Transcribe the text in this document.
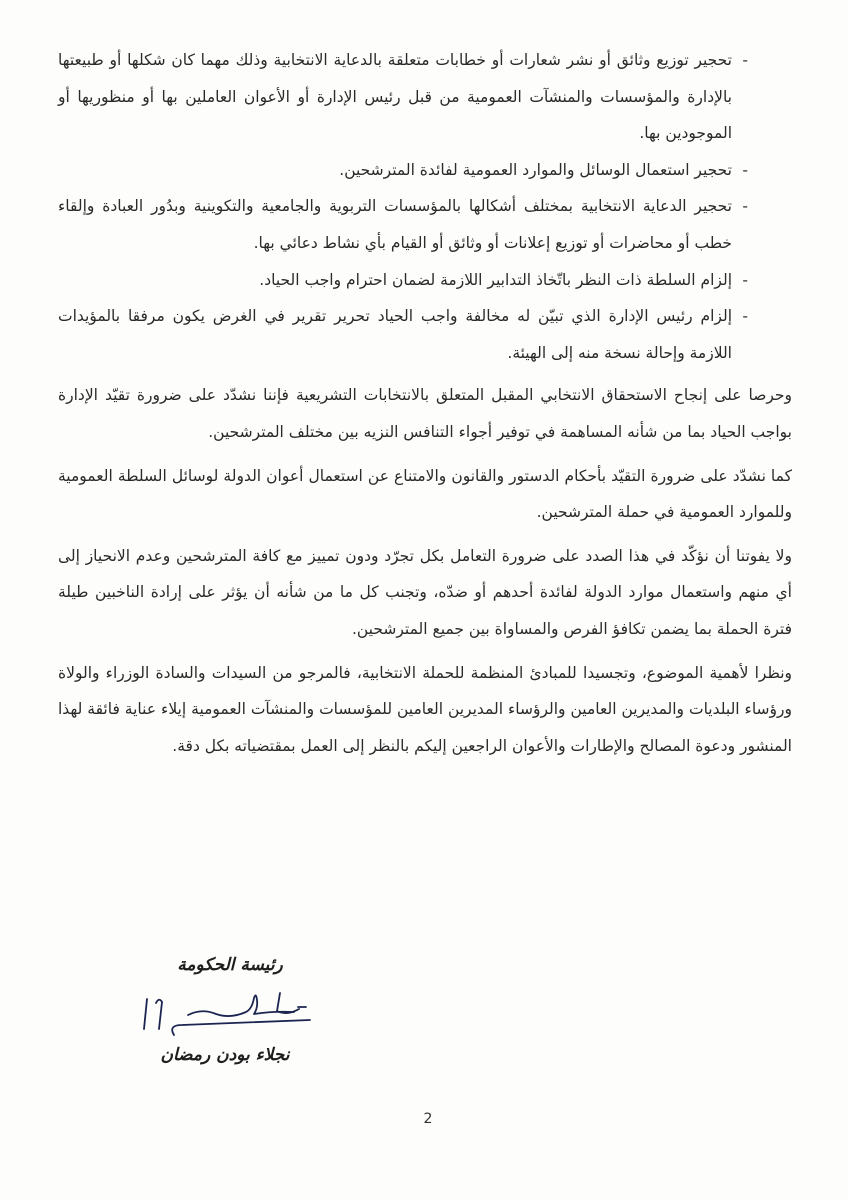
-
تحجير توزيع وثائق أو نشر شعارات أو خطابات متعلقة بالدعاية الانتخابية وذلك مهما كان شكلها أو طبيعتها بالإدارة والمؤسسات والمنشآت العمومية من قبل رئيس الإدارة أو الأعوان العاملين بها أو منظوريها أو الموجودين بها.
-
تحجير استعمال الوسائل والموارد العمومية لفائدة المترشحين.
-
تحجير الدعاية الانتخابية بمختلف أشكالها بالمؤسسات التربوية والجامعية والتكوينية وبدُور العبادة وإلقاء خطب أو محاضرات أو توزيع إعلانات أو وثائق أو القيام بأي نشاط دعائي بها.
-
إلزام السلطة ذات النظر باتّخاذ التدابير اللازمة لضمان احترام واجب الحياد.
-
إلزام رئيس الإدارة الذي تبيّن له مخالفة واجب الحياد تحرير تقرير في الغرض يكون مرفقا بالمؤيدات اللازمة وإحالة نسخة منه إلى الهيئة.

وحرصا على إنجاح الاستحقاق الانتخابي المقبل المتعلق بالانتخابات التشريعية فإننا نشدّد على ضرورة تقيّد الإدارة بواجب الحياد بما من شأنه المساهمة في توفير أجواء التنافس النزيه بين مختلف المترشحين.

كما نشدّد على ضرورة التقيّد بأحكام الدستور والقانون والامتناع عن استعمال أعوان الدولة لوسائل السلطة العمومية وللموارد العمومية في حملة المترشحين.

ولا يفوتنا أن نؤكّد في هذا الصدد على ضرورة التعامل بكل تجرّد ودون تمييز مع كافة المترشحين وعدم الانحياز إلى أي منهم واستعمال موارد الدولة لفائدة أحدهم أو ضدّه، وتجنب كل ما من شأنه أن يؤثر على إرادة الناخبين طيلة فترة الحملة بما يضمن تكافؤ الفرص والمساواة بين جميع المترشحين.

ونظرا لأهمية الموضوع، وتجسيدا للمبادئ المنظمة للحملة الانتخابية، فالمرجو من السيدات والسادة الوزراء والولاة ورؤساء البلديات والمديرين العامين والرؤساء المديرين العامين للمؤسسات والمنشآت العمومية إيلاء عناية فائقة لهذا المنشور ودعوة المصالح والإطارات والأعوان الراجعين إليكم بالنظر إلى العمل بمقتضياته بكل دقة.

رئيسة الحكومة
نجلاء بودن رمضان
2
